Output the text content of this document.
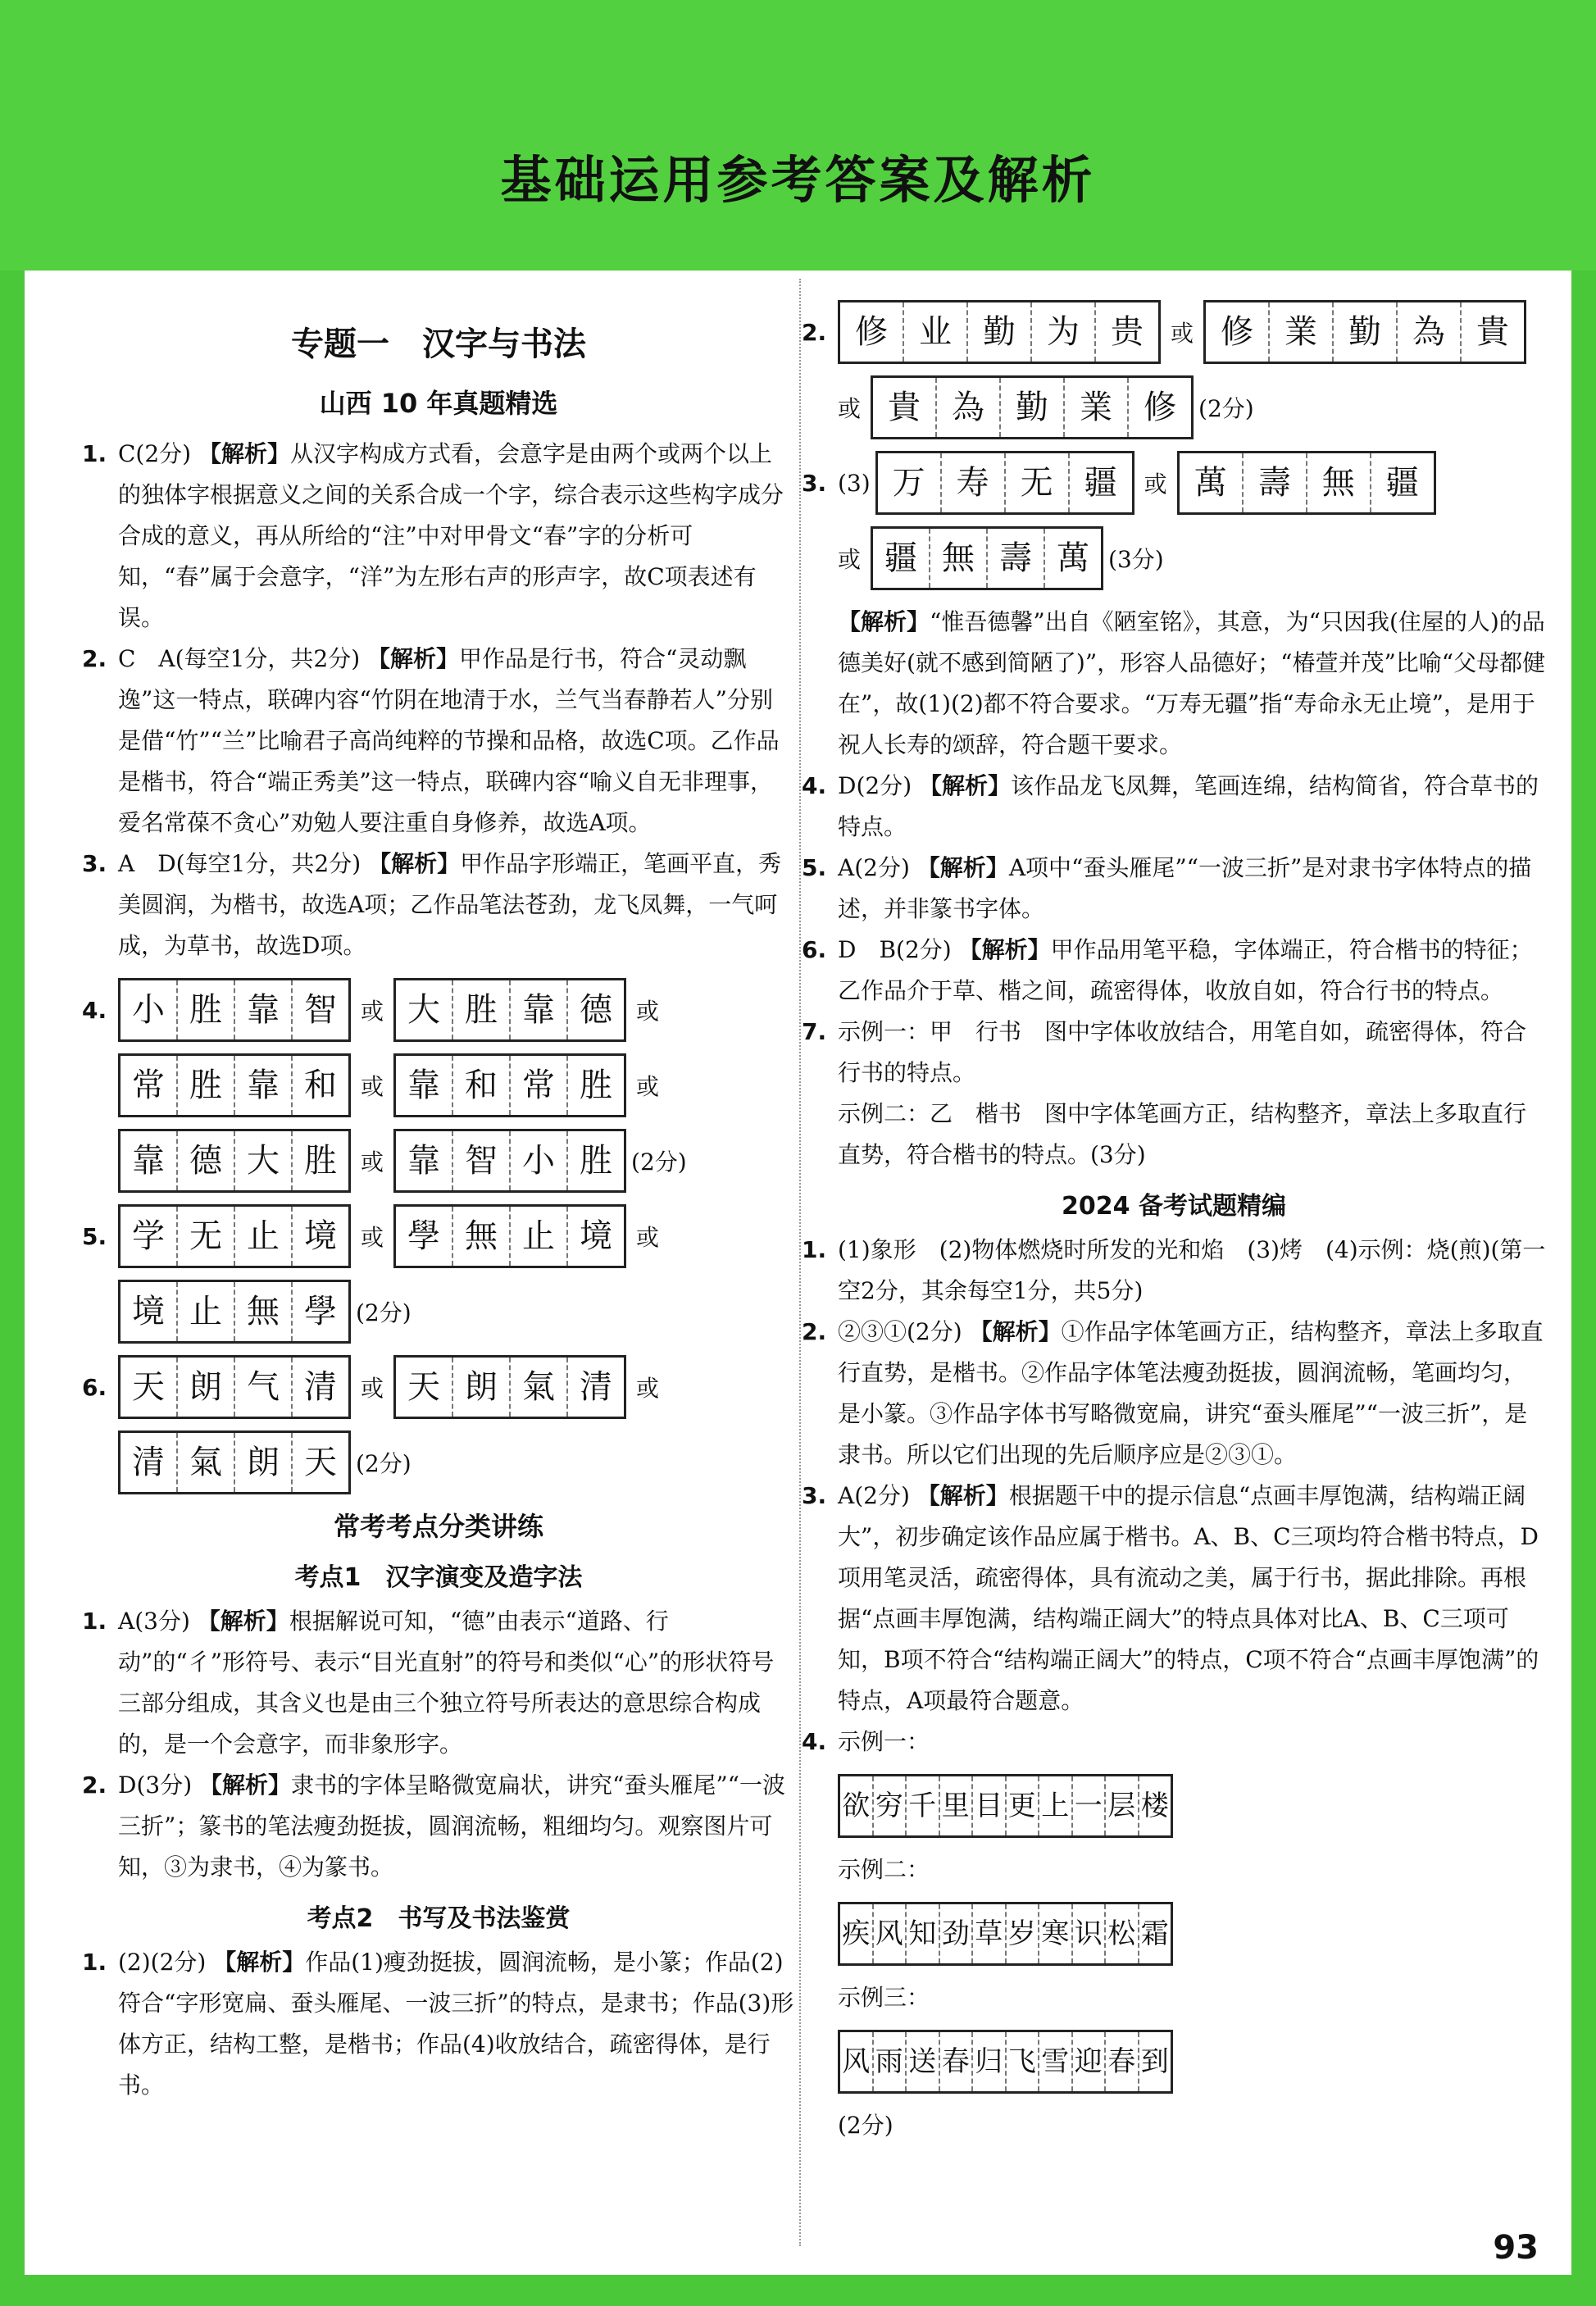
基础运用参考答案及解析
专题一　汉字与书法
山西 10 年真题精选

1. C(2分) 【解析】从汉字构成方式看，会意字是由两个或两个以上的独体字根据意义之间的关系合成一个字，综合表示这些构字成分合成的意义，再从所给的“注”中对甲骨文“春”字的分析可知，“春”属于会意字，“洋”为左形右声的形声字，故C项表述有误。

2. C　A(每空1分，共2分) 【解析】甲作品是行书，符合“灵动飘逸”这一特点，联碑内容“竹阴在地清于水，兰气当春静若人”分别是借“竹”“兰”比喻君子高尚纯粹的节操和品格，故选C项。乙作品是楷书，符合“端正秀美”这一特点，联碑内容“喻义自无非理事，爱名常葆不贪心”劝勉人要注重自身修养，故选A项。

3. A　D(每空1分，共2分) 【解析】甲作品字形端正，笔画平直，秀美圆润，为楷书，故选A项；乙作品笔法苍劲，龙飞凤舞，一气呵成，为草书，故选D项。

4. 小 胜 靠 智	或 大 胜 靠 德	或
常 胜 靠 和	或 靠 和 常 胜	或
靠 德 大 胜	或 靠 智 小 胜 (2分)
5. 学 无 止 境	或 學 無 止 境	或
境 止 無 學 (2分)
6. 天 朗 气 清	或 天 朗 氣 清	或
清 氣 朗 天 (2分)
常考考点分类讲练
考点1　汉字演变及造字法

1. A(3分) 【解析】根据解说可知，“德”由表示“道路、行动”的“彳”形符号、表示“目光直射”的符号和类似“心”的形状符号三部分组成，其含义也是由三个独立符号所表达的意思综合构成的，是一个会意字，而非象形字。

2. D(3分) 【解析】隶书的字体呈略微宽扁状，讲究“蚕头雁尾”“一波三折”；篆书的笔法瘦劲挺拔，圆润流畅，粗细均匀。观察图片可知，③为隶书，④为篆书。

考点2　书写及书法鉴赏

1. (2)(2分) 【解析】作品(1)瘦劲挺拔，圆润流畅，是小篆；作品(2)符合“字形宽扁、蚕头雁尾、一波三折”的特点，是隶书；作品(3)形体方正，结构工整，是楷书；作品(4)收放结合，疏密得体，是行书。

2. 修 业 勤 为 贵	或 修 業 勤 為 貴
或 貴 為 勤 業 修 (2分)
3. (3) 万 寿 无 疆	或 萬 壽 無 疆
或 疆 無 壽 萬 (3分)

【解析】“惟吾德馨”出自《陋室铭》，其意，为“只因我(住屋的人)的品德美好(就不感到简陋了)”，形容人品德好；“椿萱并茂”比喻“父母都健在”，故(1)(2)都不符合要求。“万寿无疆”指“寿命永无止境”，是用于祝人长寿的颂辞，符合题干要求。

4. D(2分) 【解析】该作品龙飞凤舞，笔画连绵，结构简省，符合草书的特点。

5. A(2分) 【解析】A项中“蚕头雁尾”“一波三折”是对隶书字体特点的描述，并非篆书字体。

6. D　B(2分) 【解析】甲作品用笔平稳，字体端正，符合楷书的特征；乙作品介于草、楷之间，疏密得体，收放自如，符合行书的特点。

7. 示例一：甲　行书　图中字体收放结合，用笔自如，疏密得体，符合行书的特点。

示例二：乙　楷书　图中字体笔画方正，结构整齐，章法上多取直行直势，符合楷书的特点。(3分)

2024 备考试题精编

1. (1)象形　(2)物体燃烧时所发的光和焰　(3)烤　(4)示例：烧(煎)(第一空2分，其余每空1分，共5分)

2. ②③①(2分) 【解析】①作品字体笔画方正，结构整齐，章法上多取直行直势，是楷书。②作品字体笔法瘦劲挺拔，圆润流畅，笔画均匀，是小篆。③作品字体书写略微宽扁，讲究“蚕头雁尾”“一波三折”，是隶书。所以它们出现的先后顺序应是②③①。

3. A(2分) 【解析】根据题干中的提示信息“点画丰厚饱满，结构端正阔大”，初步确定该作品应属于楷书。A、B、C三项均符合楷书特点，D项用笔灵活，疏密得体，具有流动之美，属于行书，据此排除。再根据“点画丰厚饱满，结构端正阔大”的特点具体对比A、B、C三项可知，B项不符合“结构端正阔大”的特点，C项不符合“点画丰厚饱满”的特点，A项最符合题意。

4. 示例一：

欲 穷 千 里 目 更 上 一 层 楼

示例二：

疾 风 知 劲 草 岁 寒 识 松 霜

示例三：

风 雨 送 春 归 飞 雪 迎 春 到

(2分)

93
